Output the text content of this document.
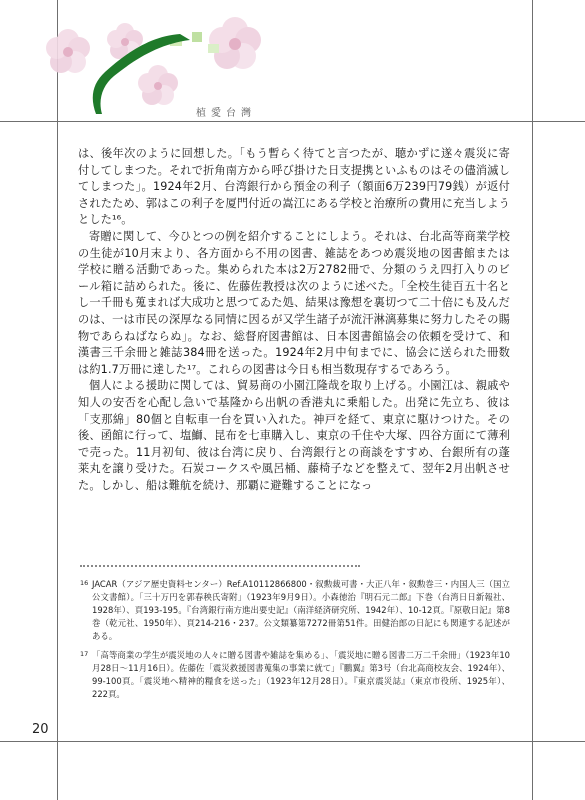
植愛台灣

は、後年次のように回想した。「もう暫らく待てと言つたが、聴かずに遂々震災に寄付してしまつた。それで折角南方から呼び掛けた日支提携といふものはその儘消滅してしまつた」。1924年2月、台湾銀行から預金の利子（額面6万239円79銭）が返付されたため、郭はこの利子を厦門付近の嵩江にある学校と治療所の費用に充当しようとした¹⁶。

寄贈に関して、今ひとつの例を紹介することにしよう。それは、台北高等商業学校の生徒が10月末より、各方面から不用の図書、雑誌をあつめ震災地の図書館または学校に贈る活動であった。集められた本は2万2782冊で、分類のうえ四打入りのビール箱に詰められた。後に、佐藤佐教授は次のように述べた。「全校生徒百五十名とし一千冊も蒐まれば大成功と思つてゐた処、結果は豫想を裏切つて二十倍にも及んだのは、一は市民の深厚なる同情に因るが又学生諸子が流汗淋漓募集に努力したその賜物であらねばならぬ」。なお、総督府図書館は、日本図書館協会の依頼を受けて、和漢書三千余冊と雑誌384冊を送った。1924年2月中旬までに、協会に送られた冊数は約1.7万冊に達した¹⁷。これらの図書は今日も相当数現存するであろう。

個人による援助に関しては、貿易商の小園江隆哉を取り上げる。小園江は、親戚や知人の安否を心配し急いで基隆から出帆の香港丸に乗船した。出発に先立ち、彼は「支那綿」80個と自転車一台を買い入れた。神戸を経て、東京に駆けつけた。その後、函館に行って、塩鰤、昆布を七車購入し、東京の千住や大塚、四谷方面にて薄利で売った。11月初旬、彼は台湾に戻り、台湾銀行との商談をすすめ、台銀所有の蓬莱丸を譲り受けた。石炭コークスや風呂桶、藤椅子などを整えて、翌年2月出帆させた。しかし、船は難航を続け、那覇に避難することになっ

16 JACAR（アジア歴史資料センター）Ref.A10112866800・叙勲裁可書・大正八年・叙勲巻三・内国人三（国立公文書館）。「三十万円を郭春秧氏寄附」（1923年9月9日）。小森徳治『明石元二郎』下巻（台湾日日新報社、1928年）、頁193-195。『台湾銀行南方進出要史記』（南洋経済研究所、1942年）、10-12頁。『原敬日記』第8巻（乾元社、1950年）、頁214-216・237。公文類纂第7272冊第51件。田健治郎の日記にも関連する記述がある。
17 「高等商業の学生が震災地の人々に贈る図書や雑誌を集める」、「震災地に贈る図書二万二千余冊」（1923年10月28日～11月16日）。佐藤佐「震災救援図書蒐集の事業に就て」『鵬翼』第3号（台北高商校友会、1924年）、99-100頁。「震災地へ精神的糧食を送った」（1923年12月28日）。『東京震災誌』（東京市役所、1925年）、222頁。
20
